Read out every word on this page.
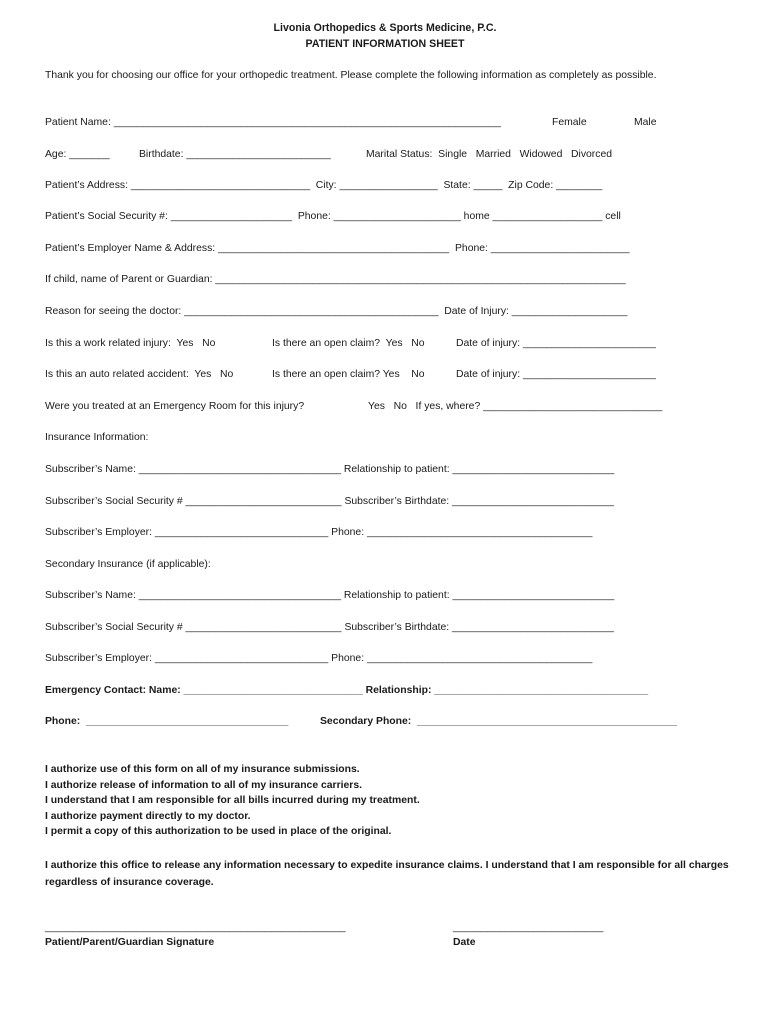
Livonia Orthopedics & Sports Medicine, P.C.
PATIENT INFORMATION SHEET
Thank you for choosing our office for your orthopedic treatment. Please complete the following information as completely as possible.
Patient Name: ___________________________________________________________________	Female	Male
Age: _______	Birthdate: _________________________	Marital Status:  Single   Married   Widowed   Divorced
Patient’s Address: _______________________________  City: _________________  State: _____  Zip Code: ________
Patient’s Social Security #: _____________________  Phone: ______________________ home ___________________ cell
Patient’s Employer Name & Address: ________________________________________  Phone: ________________________
If child, name of Parent or Guardian: _______________________________________________________________________
Reason for seeing the doctor: ____________________________________________  Date of Injury: ____________________
Is this a work related injury:  Yes   No	Is there an open claim?  Yes   No	Date of injury: _______________________
Is this an auto related accident:  Yes   No	Is there an open claim? Yes    No	Date of injury: _______________________
Were you treated at an Emergency Room for this injury?	Yes   No   If yes, where? _______________________________
Insurance Information:
Subscriber’s Name: ___________________________________ Relationship to patient: ____________________________
Subscriber’s Social Security # ___________________________ Subscriber’s Birthdate: ____________________________
Subscriber’s Employer: ______________________________ Phone: _______________________________________
Secondary Insurance (if applicable):
Subscriber’s Name: ___________________________________ Relationship to patient: ____________________________
Subscriber’s Social Security # ___________________________ Subscriber’s Birthdate: ____________________________
Subscriber’s Employer: ______________________________ Phone: _______________________________________
Emergency Contact: Name: _______________________________ Relationship: _____________________________________
Phone:  ___________________________________	Secondary Phone:  _____________________________________________
I authorize use of this form on all of my insurance submissions.
I authorize release of information to all of my insurance carriers.
I understand that I am responsible for all bills incurred during my treatment.
I authorize payment directly to my doctor.
I permit a copy of this authorization to be used in place of the original.
I authorize this office to release any information necessary to expedite insurance claims. I understand that I am responsible for all charges regardless of insurance coverage.
____________________________________________________
Patient/Parent/Guardian Signature
__________________________
Date
